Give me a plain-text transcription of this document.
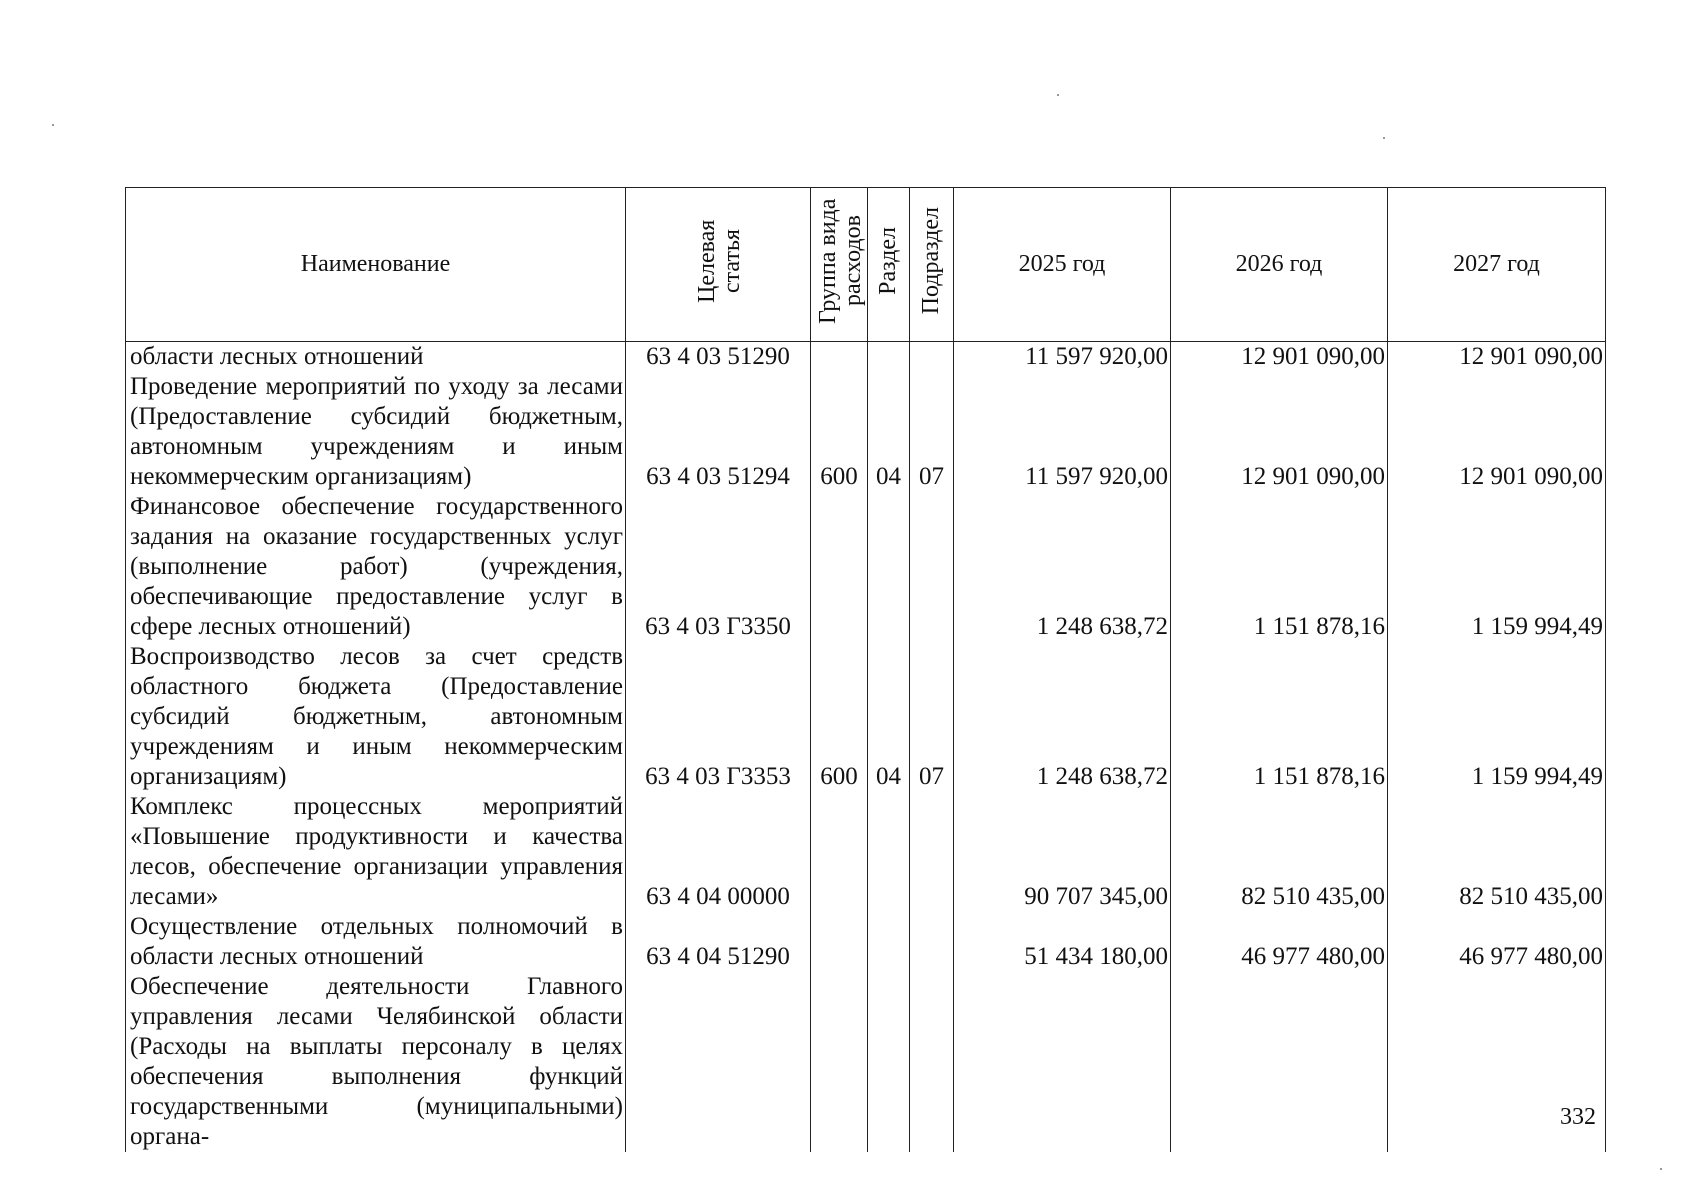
Наименование	Целевая статья	Группа вида расходов	Раздел	Подраздел	2025 год	2026 год	2027 год

области лесных отношений	63 4 03 51290				11 597 920,00	12 901 090,00	12 901 090,00

Проведение мероприятий по уходу за лесами (Предоставление субсидий бюджетным, автономным учреждениям и иным некоммерческим организациям)	63 4 03 51294	600	04	07	11 597 920,00	12 901 090,00	12 901 090,00

Финансовое обеспечение государственного задания на оказание государственных услуг (выполнение работ) (учреждения, обеспечивающие предоставление услуг в сфере лесных отношений)	63 4 03 Г3350				1 248 638,72	1 151 878,16	1 159 994,49

Воспроизводство лесов за счет средств областного бюджета (Предоставление субсидий бюджетным, автономным учреждениям и иным некоммерческим организациям)	63 4 03 Г3353	600	04	07	1 248 638,72	1 151 878,16	1 159 994,49

Комплекс процессных мероприятий «Повышение продуктивности и качества лесов, обеспечение организации управления лесами»	63 4 04 00000				90 707 345,00	82 510 435,00	82 510 435,00

Осуществление отдельных полномочий в области лесных отношений	63 4 04 51290				51 434 180,00	46 977 480,00	46 977 480,00

Обеспечение деятельности Главного управления лесами Челябинской области (Расходы на выплаты персоналу в целях обеспечения выполнения функций государственными (муниципальными) органа-							

332
